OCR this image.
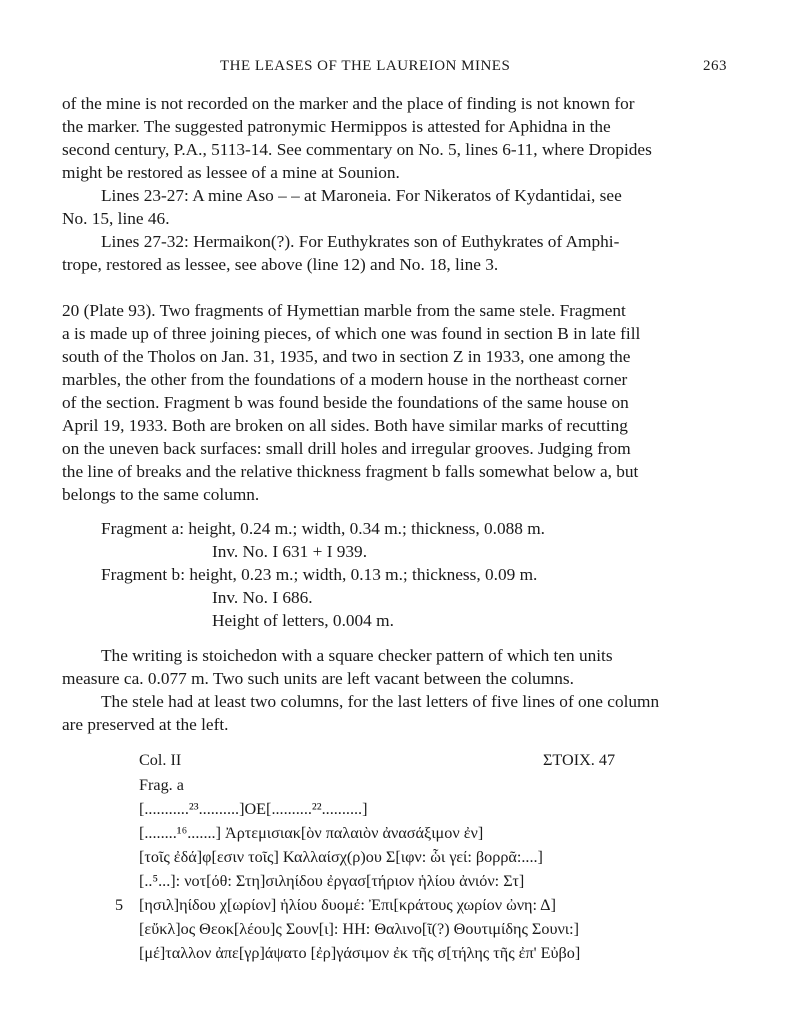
THE LEASES OF THE LAUREION MINES	263
of the mine is not recorded on the marker and the place of finding is not known for
the marker. The suggested patronymic Hermippos is attested for Aphidna in the
second century, P.A., 5113-14. See commentary on No. 5, lines 6-11, where Dropides
might be restored as lessee of a mine at Sounion.
Lines 23-27: A mine Aso – – at Maroneia. For Nikeratos of Kydantidai, see
No. 15, line 46.
Lines 27-32: Hermaikon(?). For Euthykrates son of Euthykrates of Amphi-
trope, restored as lessee, see above (line 12) and No. 18, line 3.
20 (Plate 93). Two fragments of Hymettian marble from the same stele. Fragment
a is made up of three joining pieces, of which one was found in section Β in late fill
south of the Tholos on Jan. 31, 1935, and two in section Ζ in 1933, one among the
marbles, the other from the foundations of a modern house in the northeast corner
of the section. Fragment b was found beside the foundations of the same house on
April 19, 1933. Both are broken on all sides. Both have similar marks of recutting
on the uneven back surfaces: small drill holes and irregular grooves. Judging from
the line of breaks and the relative thickness fragment b falls somewhat below a, but
belongs to the same column.
Fragment a: height, 0.24 m.; width, 0.34 m.; thickness, 0.088 m.
Inv. No. I 631 + I 939.
Fragment b: height, 0.23 m.; width, 0.13 m.; thickness, 0.09 m.
Inv. No. I 686.
Height of letters, 0.004 m.
The writing is stoichedon with a square checker pattern of which ten units
measure ca. 0.077 m. Two such units are left vacant between the columns.
The stele had at least two columns, for the last letters of five lines of one column
are preserved at the left.
Col. II	ΣΤΟΙΧ. 47
Frag. a
[...........²³..........]ΟΕ[..........²²..........]
[........¹⁶.......] Ἀρτεμισιακ[ὸν παλαιὸν ἀνασάξιμον ἐν]
[τοῖς ἐδά]φ[εσιν τοῖς] Καλλαίσχ(ρ)ου Σ[ιφν: ὧι γεί: βορρᾶ:....]
[..⁵...]: νοτ[όθ: Στη]σιληίδου ἐργασ[τήριον ἡλίου ἀνιόν: Στ]
5 [ησιλ]ηίδου χ[ωρίον] ἡλίου δυομέ: Ἐπι[κράτους χωρίον ὠνη: Δ]
[εὔκλ]ος Θεοκ[λέου]ς Σουν[ι]: ΗΗ: Θαλινο[ῖ(?) Θουτιμίδης Σουνι:]
[μέ]ταλλον ἀπε[γρ]άψατο [ἐρ]γάσιμον ἐκ τῆς σ[τήλης τῆς ἐπ' Εὐβο]
